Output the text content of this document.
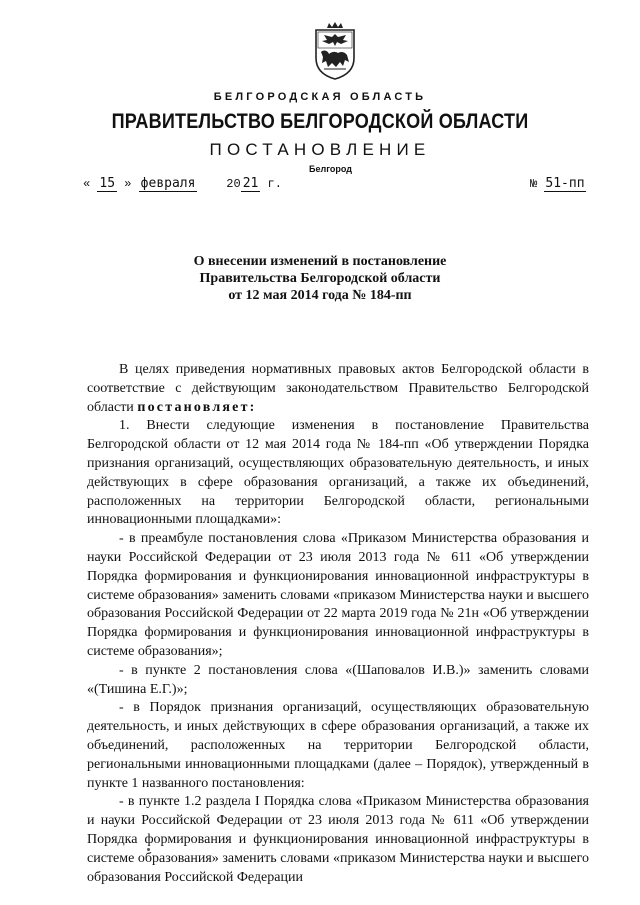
БЕЛГОРОДСКАЯ ОБЛАСТЬ
ПРАВИТЕЛЬСТВО БЕЛГОРОДСКОЙ ОБЛАСТИ
ПОСТАНОВЛЕНИЕ
Белгород
« 15 » февраля	20 21 г.	№ 51-пп
О внесении изменений в постановление
Правительства Белгородской области
от 12 мая 2014 года № 184-пп

В целях приведения нормативных правовых актов Белгородской области в соответствие с действующим законодательством Правительство Белгородской области постановляет:

1. Внести следующие изменения в постановление Правительства Белгородской области от 12 мая 2014 года № 184-пп «Об утверждении Порядка признания организаций, осуществляющих образовательную деятельность, и иных действующих в сфере образования организаций, а также их объединений, расположенных на территории Белгородской области, региональными инновационными площадками»:

- в преамбуле постановления слова «Приказом Министерства образования и науки Российской Федерации от 23 июля 2013 года № 611 «Об утверждении Порядка формирования и функционирования инновационной инфраструктуры в системе образования» заменить словами «приказом Министерства науки и высшего образования Российской Федерации от 22 марта 2019 года № 21н «Об утверждении Порядка формирования и функционирования инновационной инфраструктуры в системе образования»;

- в пункте 2 постановления слова «(Шаповалов И.В.)» заменить словами «(Тишина Е.Г.)»;

- в Порядок признания организаций, осуществляющих образовательную деятельность, и иных действующих в сфере образования организаций, а также их объединений, расположенных на территории Белгородской области, региональными инновационными площадками (далее – Порядок), утвержденный в пункте 1 названного постановления:

- в пункте 1.2 раздела I Порядка слова «Приказом Министерства образования и науки Российской Федерации от 23 июля 2013 года № 611 «Об утверждении Порядка формирования и функционирования инновационной инфраструктуры в системе образования» заменить словами «приказом Министерства науки и высшего образования Российской Федерации
